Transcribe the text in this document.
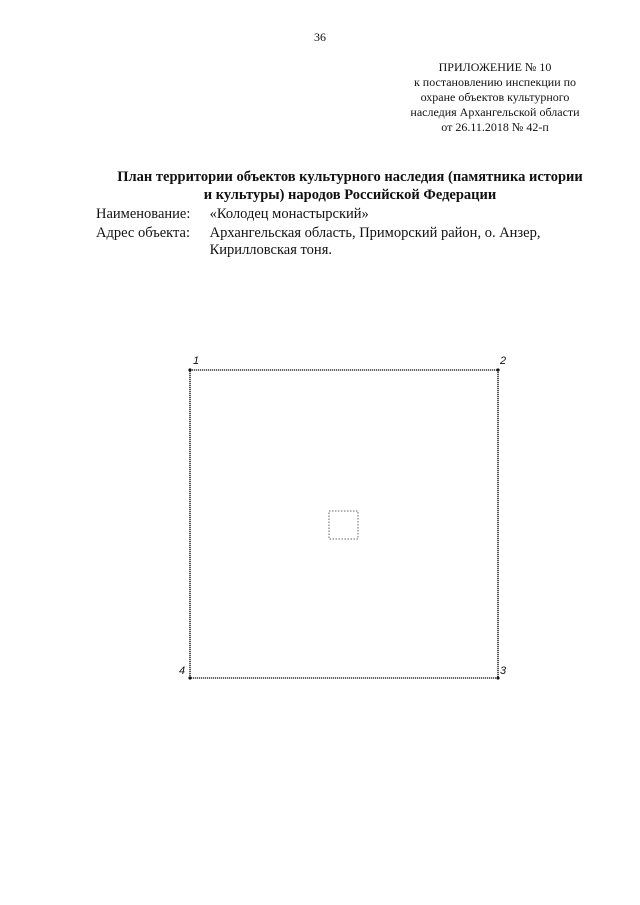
36
ПРИЛОЖЕНИЕ № 10
к постановлению инспекции по
охране объектов культурного
наследия Архангельской области
от 26.11.2018 № 42-п
План территории объектов культурного наследия (памятника истории
и культуры) народов Российской Федерации
Наименование: «Колодец монастырский»
Адрес объекта: Архангельская область, Приморский район, о. Анзер,
Кирилловская тоня.
1	2
3
4
